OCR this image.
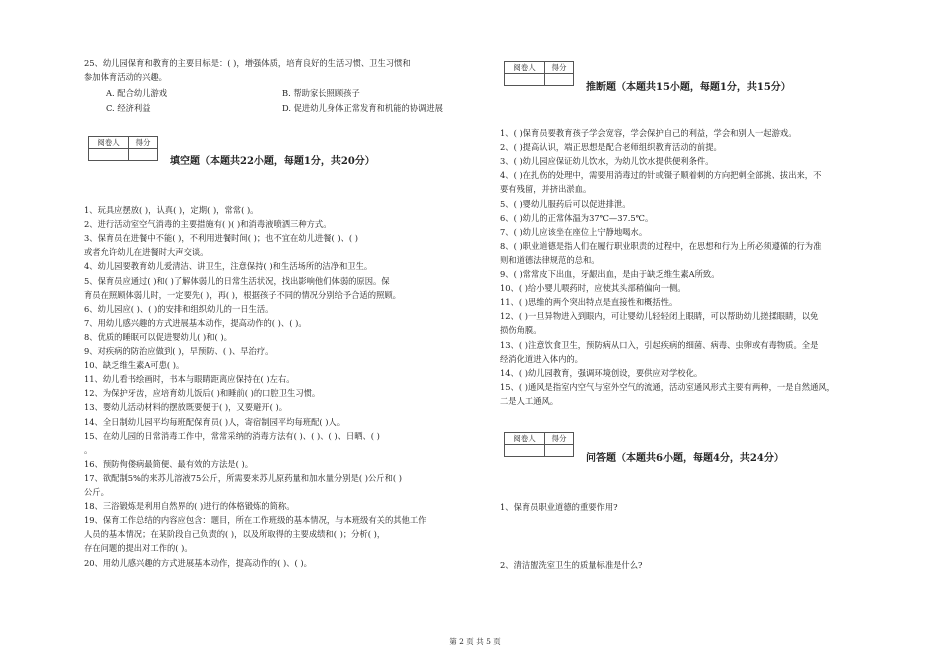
25、幼儿园保育和教育的主要目标是：( )，增强体质，培育良好的生活习惯、卫生习惯和
参加体育活动的兴趣。
A. 配合幼儿游戏	B. 帮助家长照顾孩子
C. 经济利益	D. 促进幼儿身体正常发育和机能的协调进展
阅卷人	得分

填空题（本题共22小题，每题1分，共20分）
1、玩具应摆放( )，认真( )，定期( )，常常( )。
2、进行活动室空气消毒的主要措施有( )( )和消毒液喷洒三种方式。
3、保育员在进餐中不能( )，不利用进餐时间( )；也不宜在幼儿进餐( )、( )
或者允许幼儿在进餐时大声交谈。
4、幼儿园要教育幼儿爱清洁、讲卫生，注意保持( )和生活场所的洁净和卫生。
5、保育员应通过( )和( )了解体弱儿的日常生活状况，找出影响他们体弱的原因。保
育员在照顾体弱儿时，一定要先( )，再( )，根据孩子不同的情况分别给予合适的照顾。
6、幼儿园应( )、( )的安排和组织幼儿的一日生活。
7、用幼儿感兴趣的方式进展基本动作，提高动作的( )、( )。
8、优质的睡眠可以促进婴幼儿( )和( )。
9、对疾病的防治应做到( )，早预防、( )、早治疗。
10、缺乏维生素A可患( )。
11、幼儿看书绘画时，书本与眼睛距离应保持在( )左右。
12、为保护牙齿，应培育幼儿饭后( )和睡前( )的口腔卫生习惯。
13、婴幼儿活动材料的摆放既要便于( )，又要避开( )。
14、全日制幼儿园平均每班配保育员( )人，寄宿制园平均每班配( )人。
15、在幼儿园的日常消毒工作中，常常采纳的消毒方法有( )、( )、( )、日晒、( )
。
16、预防佝偻病最简便、最有效的方法是( )。
17、欲配制5%的来苏儿溶液75公斤，所需要来苏儿原药量和加水量分别是( )公斤和( )
公斤。
18、三浴锻炼是利用自然界的( )进行的体格锻炼的简称。
19、保育工作总结的内容应包含：题目，所在工作班级的基本情况，与本班级有关的其他工作
人员的基本情况；在某阶段自己负责的( )，以及所取得的主要成绩和( )；分析( )，
存在问题的提出对工作的( )。
20、用幼儿感兴趣的方式进展基本动作，提高动作的( )、( )。
阅卷人	得分

推断题（本题共15小题，每题1分，共15分）
1、( )保育员要教育孩子学会宽容，学会保护自己的利益，学会和别人一起游戏。
2、( )提高认识，端正思想是配合老师组织教育活动的前提。
3、( )幼儿园应保证幼儿饮水，为幼儿饮水提供便利条件。
4、( )在扎伤的处理中，需要用消毒过的针或镊子顺着刺的方向把刺全部挑、拔出来，不
要有残留，并挤出淤血。
5、( )婴幼儿服药后可以促进排泄。
6、( )幼儿的正常体温为37℃—37.5℃。
7、( )幼儿应该坐在座位上宁静地喝水。
8、( )职业道德是指人们在履行职业职责的过程中，在思想和行为上所必须遵循的行为准
则和道德法律规范的总和。
9、( )常常皮下出血，牙龈出血，是由于缺乏维生素A所致。
10、( )给小婴儿喂药时，应使其头部稍偏向一侧。
11、( )思维的两个突出特点是直接性和概括性。
12、( )一旦异物进入到眼内，可让婴幼儿轻轻闭上眼睛，可以帮助幼儿搓揉眼睛，以免
损伤角膜。
13、( )注意饮食卫生，预防病从口入，引起疾病的细菌、病毒、虫卵或有毒物质。全是
经消化道进入体内的。
14、( )幼儿园教育，强调环境创设，要供应对学校化。
15、( )通风是指室内空气与室外空气的流通，活动室通风形式主要有两种，一是自然通风，
二是人工通风。
阅卷人	得分

问答题（本题共6小题，每题4分，共24分）
1、保育员职业道德的重要作用?
2、清洁盥洗室卫生的质量标准是什么?
第 2 页 共 5 页
